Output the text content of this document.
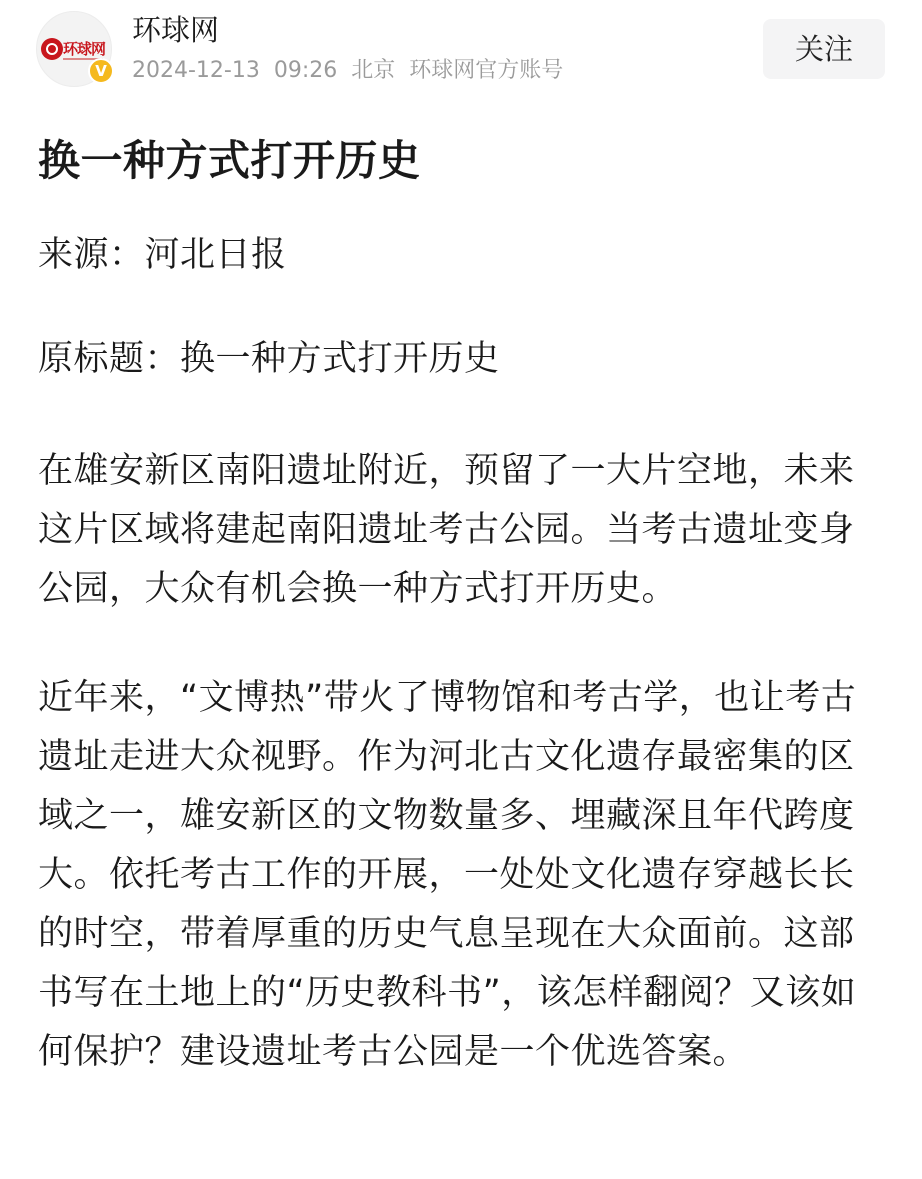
环球网
V
环球网
2024-12-13 09:26 北京 环球网官方账号
关注
换一种方式打开历史

来源：河北日报

原标题：换一种方式打开历史

在雄安新区南阳遗址附近，预留了一大片空地，未来这片区域将建起南阳遗址考古公园。当考古遗址变身公园，大众有机会换一种方式打开历史。

近年来，“文博热”带火了博物馆和考古学，也让考古遗址走进大众视野。作为河北古文化遗存最密集的区域之一，雄安新区的文物数量多、埋藏深且年代跨度大。依托考古工作的开展，一处处文化遗存穿越长长的时空，带着厚重的历史气息呈现在大众面前。这部书写在土地上的“历史教科书”，该怎样翻阅？又该如何保护？建设遗址考古公园是一个优选答案。
